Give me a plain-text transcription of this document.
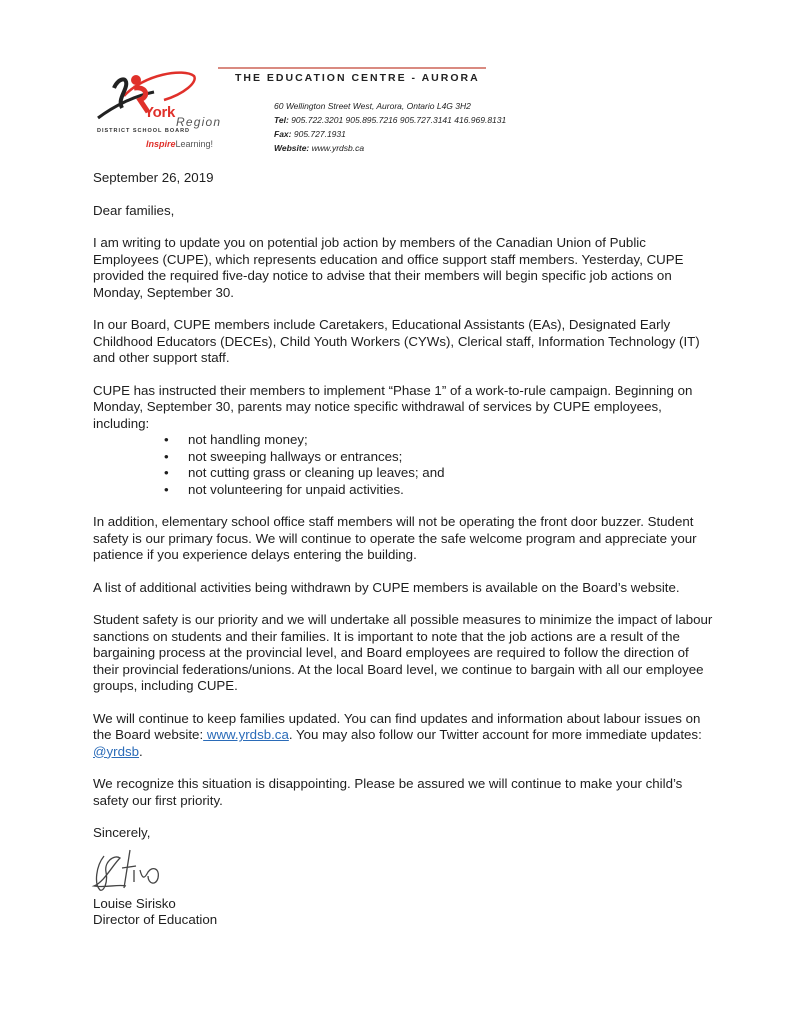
York
Region
DISTRICT SCHOOL BOARD
InspireLearning!
THE EDUCATION CENTRE - AURORA
60 Wellington Street West, Aurora, Ontario L4G 3H2
Tel: 905.722.3201 905.895.7216 905.727.3141 416.969.8131
Fax: 905.727.1931
Website: www.yrdsb.ca

September 26, 2019

Dear families,

I am writing to update you on potential job action by members of the Canadian Union of Public Employees (CUPE), which represents education and office support staff members. Yesterday, CUPE provided the required five-day notice to advise that their members will begin specific job actions on Monday, September 30.

In our Board, CUPE members include Caretakers, Educational Assistants (EAs), Designated Early Childhood Educators (DECEs), Child Youth Workers (CYWs), Clerical staff, Information Technology (IT) and other support staff.

CUPE has instructed their members to implement “Phase 1” of a work-to-rule campaign. Beginning on Monday, September 30, parents may notice specific withdrawal of services by CUPE employees, including:

• not handling money;
• not sweeping hallways or entrances;
• not cutting grass or cleaning up leaves; and
• not volunteering for unpaid activities.

In addition, elementary school office staff members will not be operating the front door buzzer. Student safety is our primary focus. We will continue to operate the safe welcome program and appreciate your patience if you experience delays entering the building.

A list of additional activities being withdrawn by CUPE members is available on the Board’s website.

Student safety is our priority and we will undertake all possible measures to minimize the impact of labour sanctions on students and their families. It is important to note that the job actions are a result of the bargaining process at the provincial level, and Board employees are required to follow the direction of their provincial federations/unions. At the local Board level, we continue to bargain with all our employee groups, including CUPE.

We will continue to keep families updated. You can find updates and information about labour issues on the Board website: www.yrdsb.ca. You may also follow our Twitter account for more immediate updates: @yrdsb.

We recognize this situation is disappointing. Please be assured we will continue to make your child’s safety our first priority.

Sincerely,

Louise Sirisko
Director of Education
